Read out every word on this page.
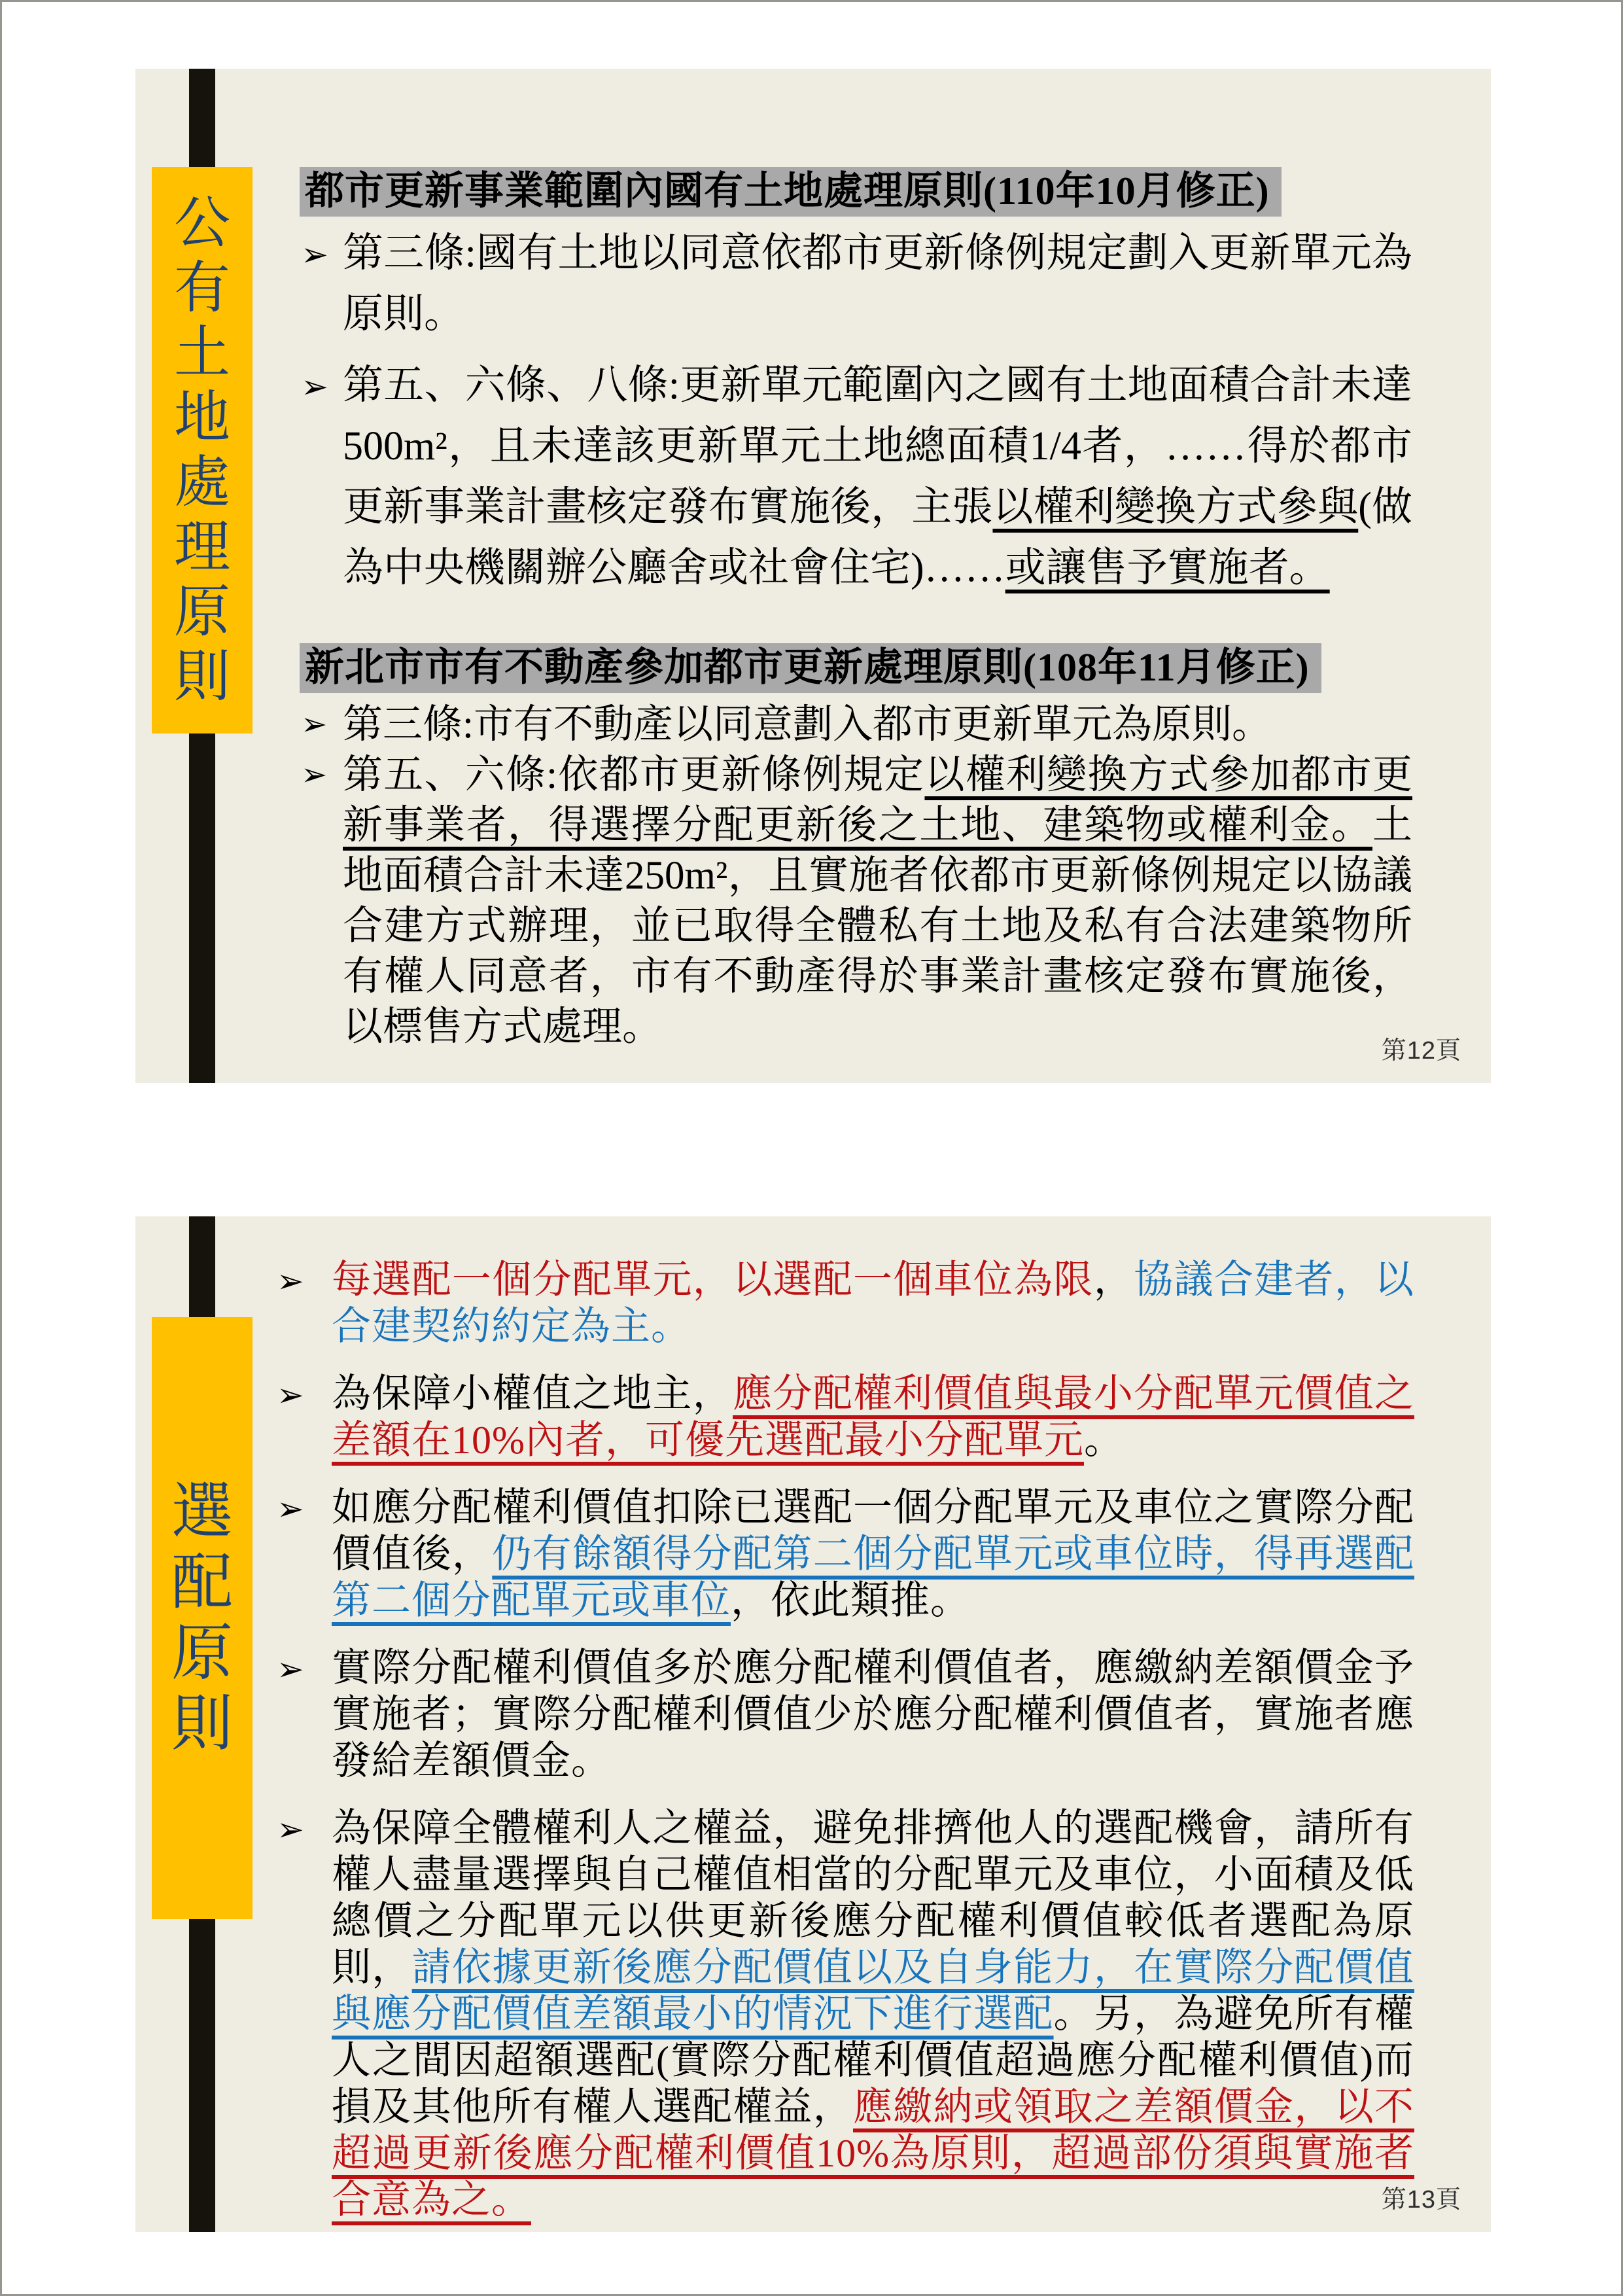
公
有
土
地
處
理
原
則
都市更新事業範圍內國有土地處理原則(110年10月修正)
➢ 第三條:國有土地以同意依都市更新條例規定劃入更新單元為原則。
➢ 第五、六條、八條:更新單元範圍內之國有土地面積合計未達500m²，且未達該更新單元土地總面積1/4者，……得於都市更新事業計畫核定發布實施後，主張以權利變換方式參與(做為中央機關辦公廳舍或社會住宅)……或讓售予實施者。
新北市市有不動產參加都市更新處理原則(108年11月修正)
➢ 第三條:市有不動產以同意劃入都市更新單元為原則。
➢ 第五、六條:依都市更新條例規定以權利變換方式參加都市更新事業者，得選擇分配更新後之土地、建築物或權利金。土地面積合計未達250m²，且實施者依都市更新條例規定以協議合建方式辦理，並已取得全體私有土地及私有合法建築物所有權人同意者，市有不動產得於事業計畫核定發布實施後，以標售方式處理。
第12頁
選
配
原
則
➢ 每選配一個分配單元，以選配一個車位為限，協議合建者，以合建契約約定為主。
➢ 為保障小權值之地主，應分配權利價值與最小分配單元價值之差額在10%內者，可優先選配最小分配單元。
➢ 如應分配權利價值扣除已選配一個分配單元及車位之實際分配價值後，仍有餘額得分配第二個分配單元或車位時，得再選配第二個分配單元或車位，依此類推。
➢ 實際分配權利價值多於應分配權利價值者，應繳納差額價金予實施者；實際分配權利價值少於應分配權利價值者，實施者應發給差額價金。
➢ 為保障全體權利人之權益，避免排擠他人的選配機會，請所有權人盡量選擇與自己權值相當的分配單元及車位，小面積及低總價之分配單元以供更新後應分配權利價值較低者選配為原則，請依據更新後應分配價值以及自身能力，在實際分配價值與應分配價值差額最小的情況下進行選配。另，為避免所有權人之間因超額選配(實際分配權利價值超過應分配權利價值)而損及其他所有權人選配權益，應繳納或領取之差額價金，以不超過更新後應分配權利價值10%為原則，超過部份須與實施者合意為之。	第13頁
